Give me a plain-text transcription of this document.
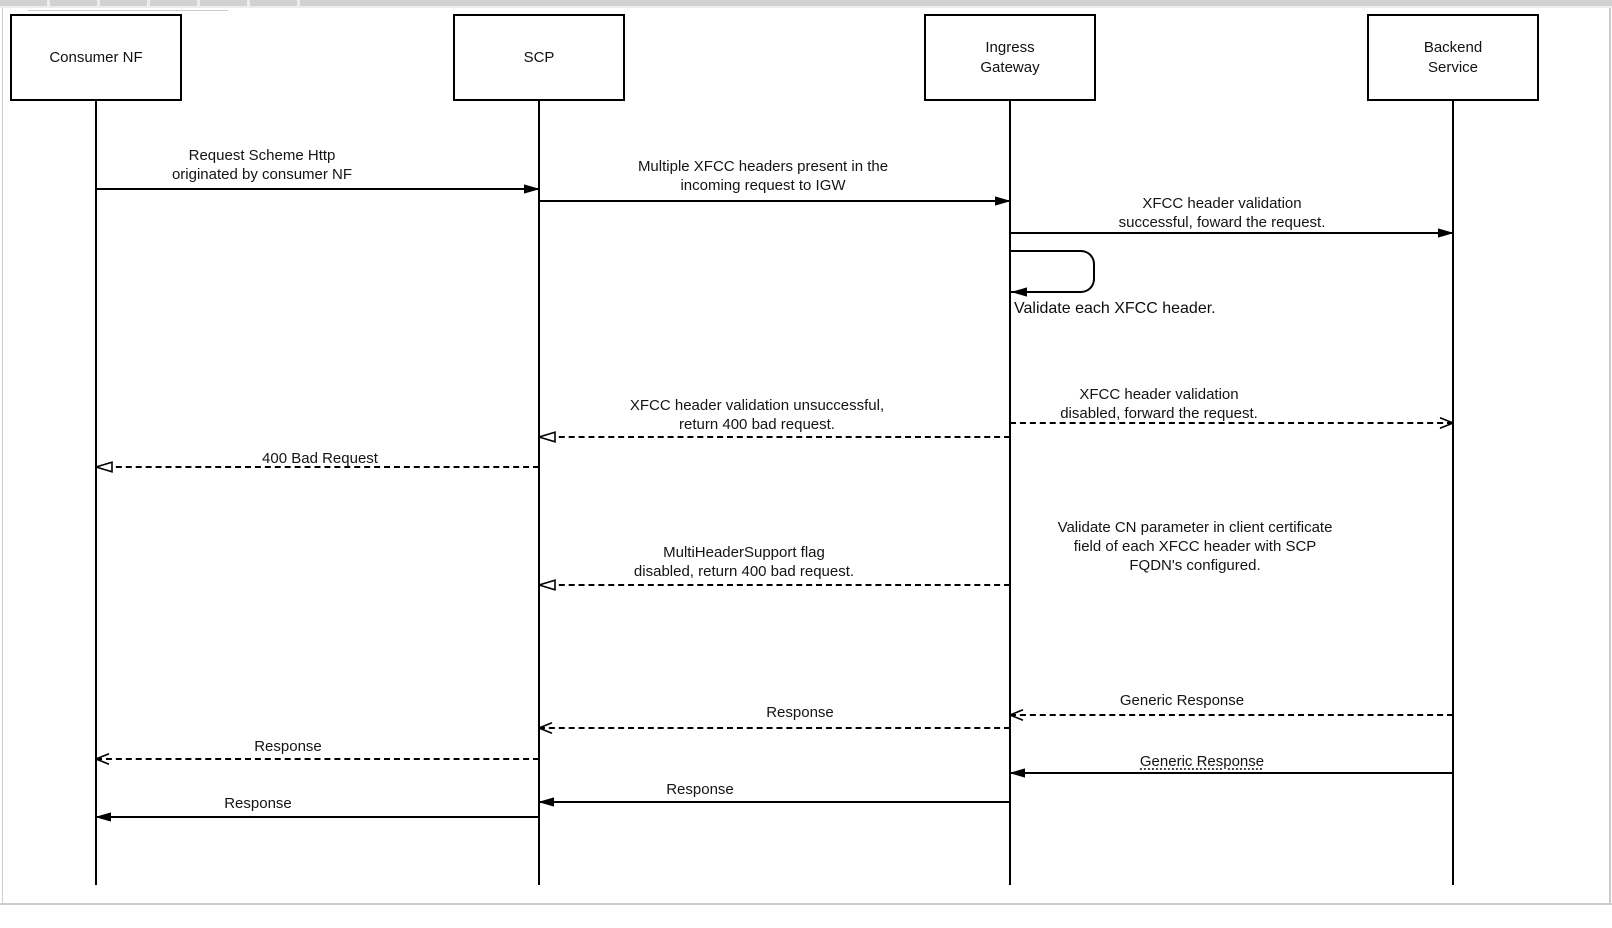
Consumer NF	SCP
Ingress
Gateway
Backend
Service
Request Scheme Http
originated by consumer NF	Multiple XFCC headers present in the
incoming request to IGW
XFCC header validation
successful, foward the request.
XFCC header validation
disabled, forward the request.
XFCC header validation unsuccessful,
return 400 bad request.
400 Bad Request
MultiHeaderSupport flag
disabled, return 400 bad request.
Generic Response
Response
Response
Generic Response
Response
Response
Validate each XFCC header.
Validate CN parameter in client certificate
field of each XFCC header with SCP
FQDN's configured.
